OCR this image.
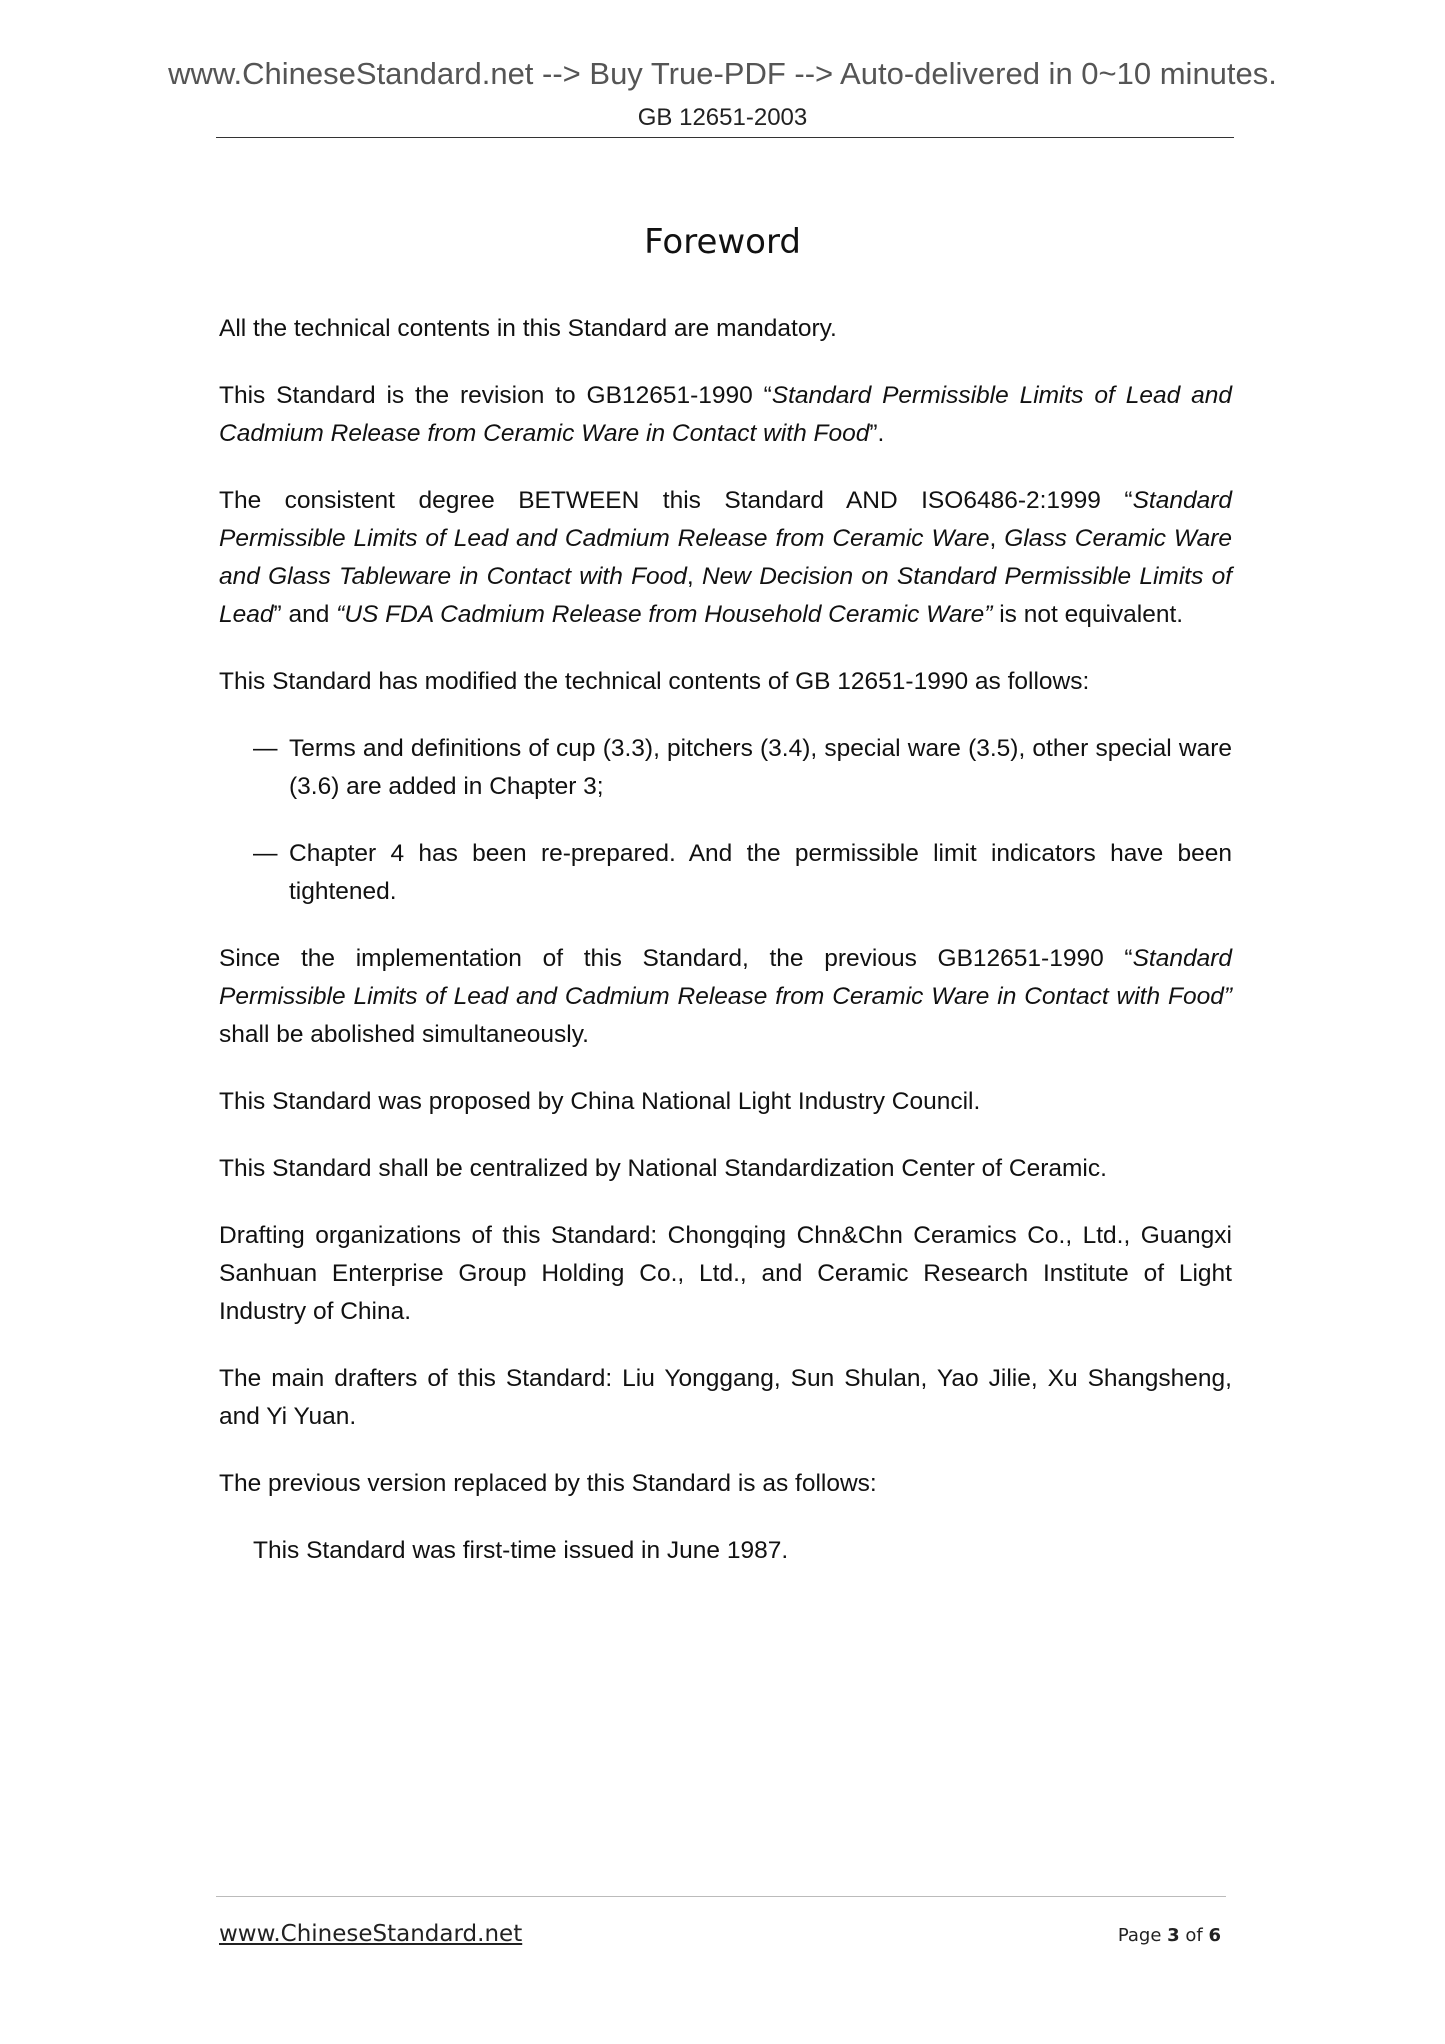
www.ChineseStandard.net --> Buy True-PDF --> Auto-delivered in 0~10 minutes.
GB 12651-2003
Foreword

All the technical contents in this Standard are mandatory.

This Standard is the revision to GB12651-1990 “Standard Permissible Limits of Lead and Cadmium Release from Ceramic Ware in Contact with Food”.

The consistent degree BETWEEN this Standard AND ISO6486-2:1999 “Standard Permissible Limits of Lead and Cadmium Release from Ceramic Ware, Glass Ceramic Ware and Glass Tableware in Contact with Food, New Decision on Standard Permissible Limits of Lead” and “US FDA Cadmium Release from Household Ceramic Ware” is not equivalent.

This Standard has modified the technical contents of GB 12651-1990 as follows:

— Terms and definitions of cup (3.3), pitchers (3.4), special ware (3.5), other special ware (3.6) are added in Chapter 3;
— Chapter 4 has been re-prepared. And the permissible limit indicators have been tightened.

Since the implementation of this Standard, the previous GB12651-1990 “Standard Permissible Limits of Lead and Cadmium Release from Ceramic Ware in Contact with Food” shall be abolished simultaneously.

This Standard was proposed by China National Light Industry Council.

This Standard shall be centralized by National Standardization Center of Ceramic.

Drafting organizations of this Standard: Chongqing Chn&Chn Ceramics Co., Ltd., Guangxi Sanhuan Enterprise Group Holding Co., Ltd., and Ceramic Research Institute of Light Industry of China.

The main drafters of this Standard: Liu Yonggang, Sun Shulan, Yao Jilie, Xu Shangsheng, and Yi Yuan.

The previous version replaced by this Standard is as follows:

This Standard was first-time issued in June 1987.

www.ChineseStandard.net	Page 3 of 6
